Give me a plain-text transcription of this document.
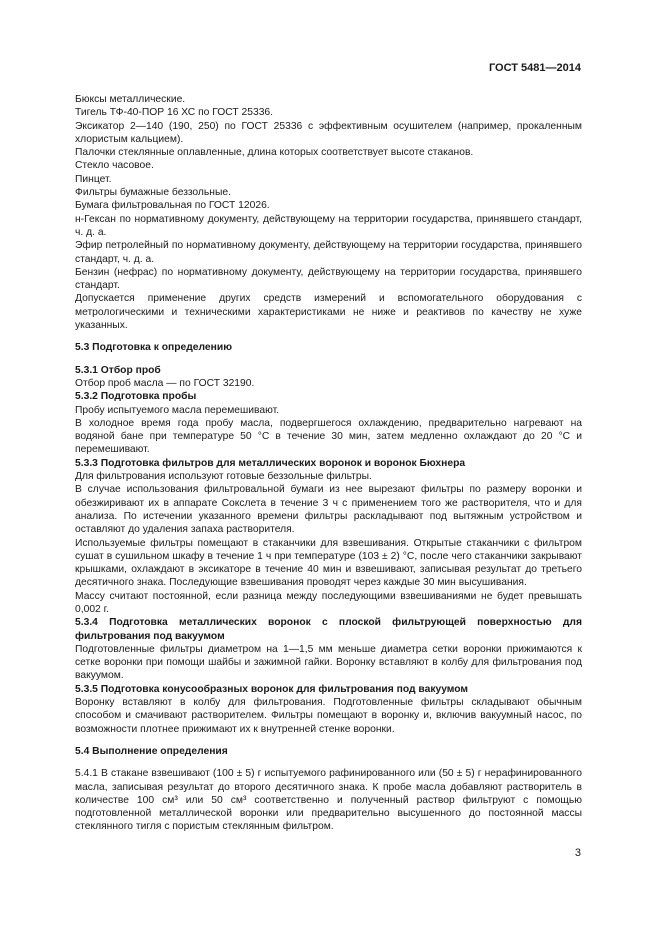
ГОСТ 5481—2014

Бюксы металлические.

Тигель ТФ-40-ПОР 16 ХС по ГОСТ 25336.

Эксикатор 2—140 (190, 250) по ГОСТ 25336 с эффективным осушителем (например, прокаленным хлористым кальцием).

Палочки стеклянные оплавленные, длина которых соответствует высоте стаканов.

Стекло часовое.

Пинцет.

Фильтры бумажные беззольные.

Бумага фильтровальная по ГОСТ 12026.

н-Гексан по нормативному документу, действующему на территории государства, принявшего стандарт, ч. д. а.

Эфир петролейный по нормативному документу, действующему на территории государства, принявшего стандарт, ч. д. а.

Бензин (нефрас) по нормативному документу, действующему на территории государства, принявшего стандарт.

Допускается применение других средств измерений и вспомогательного оборудования с метрологическими и техническими характеристиками не ниже и реактивов по качеству не хуже указанных.

5.3 Подготовка к определению

5.3.1 Отбор проб

Отбор проб масла — по ГОСТ 32190.

5.3.2 Подготовка пробы

Пробу испытуемого масла перемешивают.

В холодное время года пробу масла, подвергшегося охлаждению, предварительно нагревают на водяной бане при температуре 50 °С в течение 30 мин, затем медленно охлаждают до 20 °С и перемешивают.

5.3.3 Подготовка фильтров для металлических воронок и воронок Бюхнера

Для фильтрования используют готовые беззольные фильтры.

В случае использования фильтровальной бумаги из нее вырезают фильтры по размеру воронки и обезжиривают их в аппарате Сокслета в течение 3 ч с применением того же растворителя, что и для анализа. По истечении указанного времени фильтры раскладывают под вытяжным устройством и оставляют до удаления запаха растворителя.

Используемые фильтры помещают в стаканчики для взвешивания. Открытые стаканчики с фильтром сушат в сушильном шкафу в течение 1 ч при температуре (103 ± 2) °С, после чего стаканчики закрывают крышками, охлаждают в эксикаторе в течение 40 мин и взвешивают, записывая результат до третьего десятичного знака. Последующие взвешивания проводят через каждые 30 мин высушивания.

Массу считают постоянной, если разница между последующими взвешиваниями не будет превышать 0,002 г.

5.3.4 Подготовка металлических воронок с плоской фильтрующей поверхностью для фильтрования под вакуумом

Подготовленные фильтры диаметром на 1—1,5 мм меньше диаметра сетки воронки прижимаются к сетке воронки при помощи шайбы и зажимной гайки. Воронку вставляют в колбу для фильтрования под вакуумом.

5.3.5 Подготовка конусообразных воронок для фильтрования под вакуумом

Воронку вставляют в колбу для фильтрования. Подготовленные фильтры складывают обычным способом и смачивают растворителем. Фильтры помещают в воронку и, включив вакуумный насос, по возможности плотнее прижимают их к внутренней стенке воронки.

5.4 Выполнение определения

5.4.1 В стакане взвешивают (100 ± 5) г испытуемого рафинированного или (50 ± 5) г нерафинированного масла, записывая результат до второго десятичного знака. К пробе масла добавляют растворитель в количестве 100 см³ или 50 см³ соответственно и полученный раствор фильтруют с помощью подготовленной металлической воронки или предварительно высушенного до постоянной массы стеклянного тигля с пористым стеклянным фильтром.

3
